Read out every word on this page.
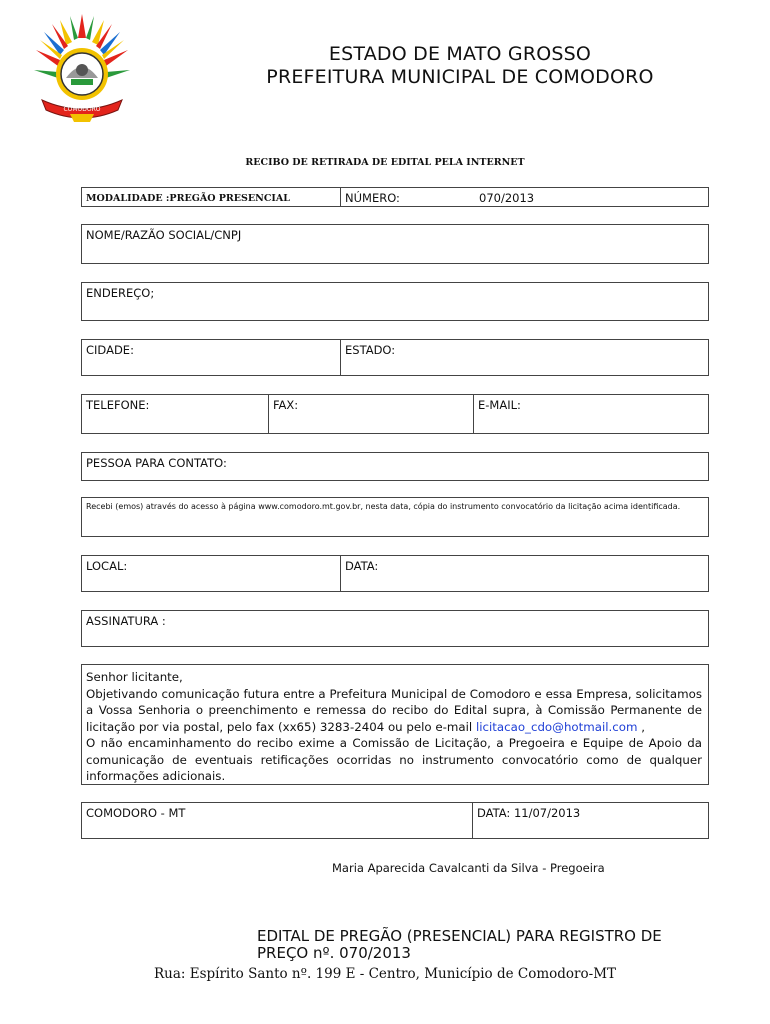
COMODORO
ESTADO DE MATO GROSSO
PREFEITURA MUNICIPAL DE COMODORO
RECIBO DE RETIRADA DE EDITAL PELA INTERNET
MODALIDADE :PREGÃO PRESENCIAL	NÚMERO:	070/2013
NOME/RAZÃO SOCIAL/CNPJ
ENDEREÇO;
CIDADE:	ESTADO:
TELEFONE:	FAX:	E-MAIL:
PESSOA PARA CONTATO:
Recebi (emos) através do acesso à página www.comodoro.mt.gov.br, nesta data, cópia do instrumento convocatório da licitação acima identificada.
LOCAL:	DATA:
ASSINATURA :

Senhor licitante,

Objetivando comunicação futura entre a Prefeitura Municipal de Comodoro e essa Empresa, solicitamos a Vossa Senhoria o preenchimento e remessa do recibo do Edital supra, à Comissão Permanente de licitação por via postal, pelo fax (xx65) 3283-2404 ou pelo e-mail licitacao_cdo@hotmail.com ,

O não encaminhamento do recibo exime a Comissão de Licitação, a Pregoeira e Equipe de Apoio da comunicação de eventuais retificações ocorridas no instrumento convocatório como de qualquer informações adicionais.

COMODORO - MT	DATA: 11/07/2013
Maria Aparecida Cavalcanti da Silva - Pregoeira
EDITAL DE PREGÃO (PRESENCIAL) PARA REGISTRO DE PREÇO nº. 070/2013
Rua: Espírito Santo nº. 199 E - Centro, Município de Comodoro-MT
